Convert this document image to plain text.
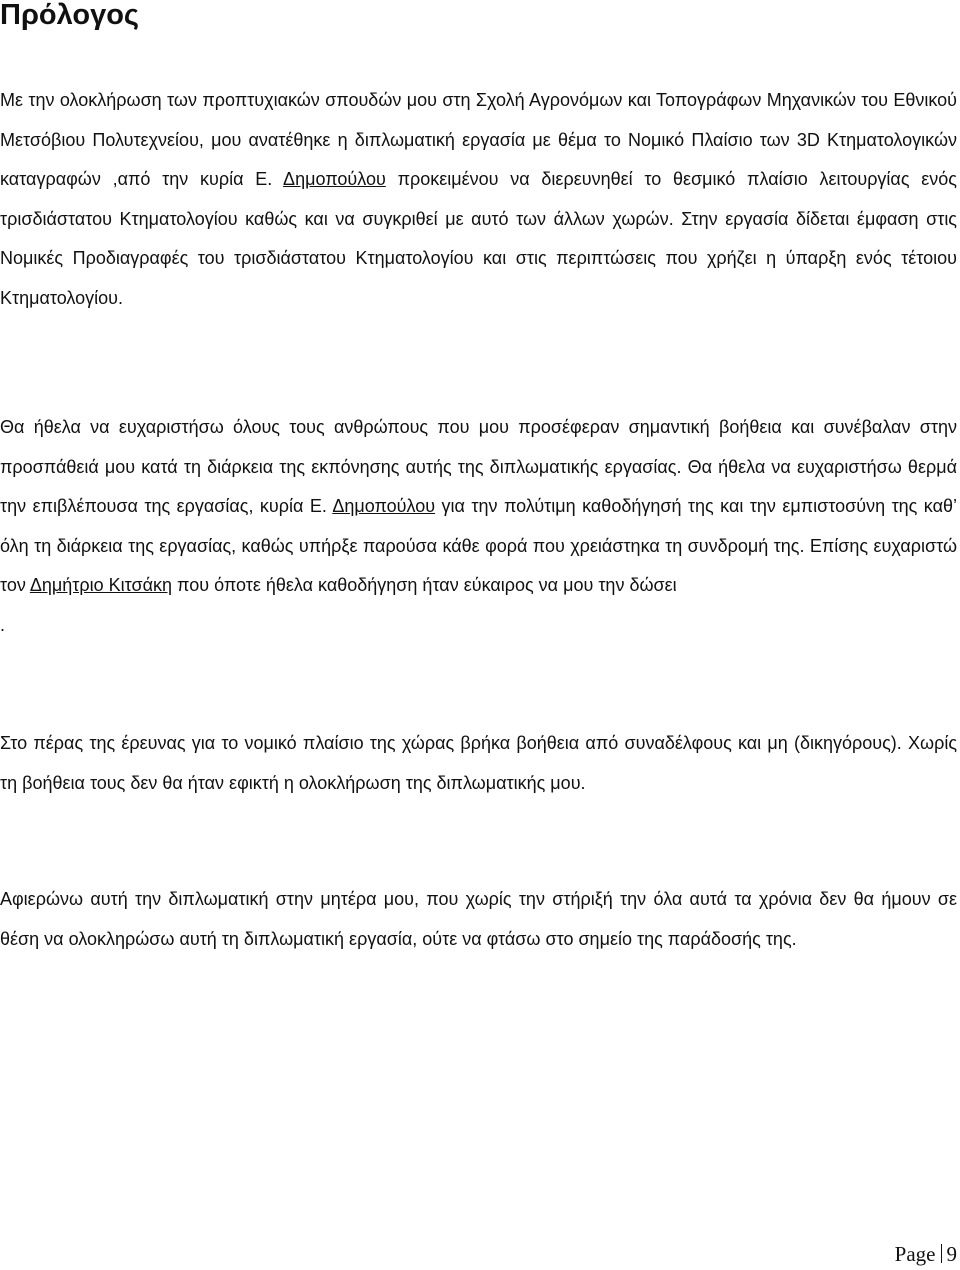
Πρόλογος

Με την ολοκλήρωση των προπτυχιακών σπουδών μου στη Σχολή Αγρονόμων και Τοπογράφων Μηχανικών του Εθνικού Μετσόβιου Πολυτεχνείου, μου ανατέθηκε η διπλωματική εργασία με θέμα το Νομικό Πλαίσιο των 3D Κτηματολογικών καταγραφών ,από την κυρία Ε. Δημοπούλου προκειμένου να διερευνηθεί το θεσμικό πλαίσιο λειτουργίας ενός τρισδιάστατου Κτηματολογίου καθώς και να συγκριθεί με αυτό των άλλων χωρών. Στην εργασία δίδεται έμφαση στις Νομικές Προδιαγραφές του τρισδιάστατου Κτηματολογίου και στις περιπτώσεις που χρήζει η ύπαρξη ενός τέτοιου Κτηματολογίου.

Θα ήθελα να ευχαριστήσω όλους τους ανθρώπους που μου προσέφεραν σημαντική βοήθεια και συνέβαλαν στην προσπάθειά μου κατά τη διάρκεια της εκπόνησης αυτής της διπλωματικής εργασίας. Θα ήθελα να ευχαριστήσω θερμά την επιβλέπουσα της εργασίας, κυρία Ε. Δημοπούλου για την πολύτιμη καθοδήγησή της και την εμπιστοσύνη της καθ’ όλη τη διάρκεια της εργασίας, καθώς υπήρξε παρούσα κάθε φορά που χρειάστηκα τη συνδρομή της. Επίσης ευχαριστώ τον Δημήτριο Κιτσάκη που όποτε ήθελα καθοδήγηση ήταν εύκαιρος να μου την δώσει
.

Στο πέρας της έρευνας για το νομικό πλαίσιο της χώρας βρήκα βοήθεια από συναδέλφους και μη (δικηγόρους). Χωρίς τη βοήθεια τους δεν θα ήταν εφικτή η ολοκλήρωση της διπλωματικής μου.

Αφιερώνω αυτή την διπλωματική στην μητέρα μου, που χωρίς την στήριξή την όλα αυτά τα χρόνια δεν θα ήμουν σε θέση να ολοκληρώσω αυτή τη διπλωματική εργασία, ούτε να φτάσω στο σημείο της παράδοσής της.

Page 9
